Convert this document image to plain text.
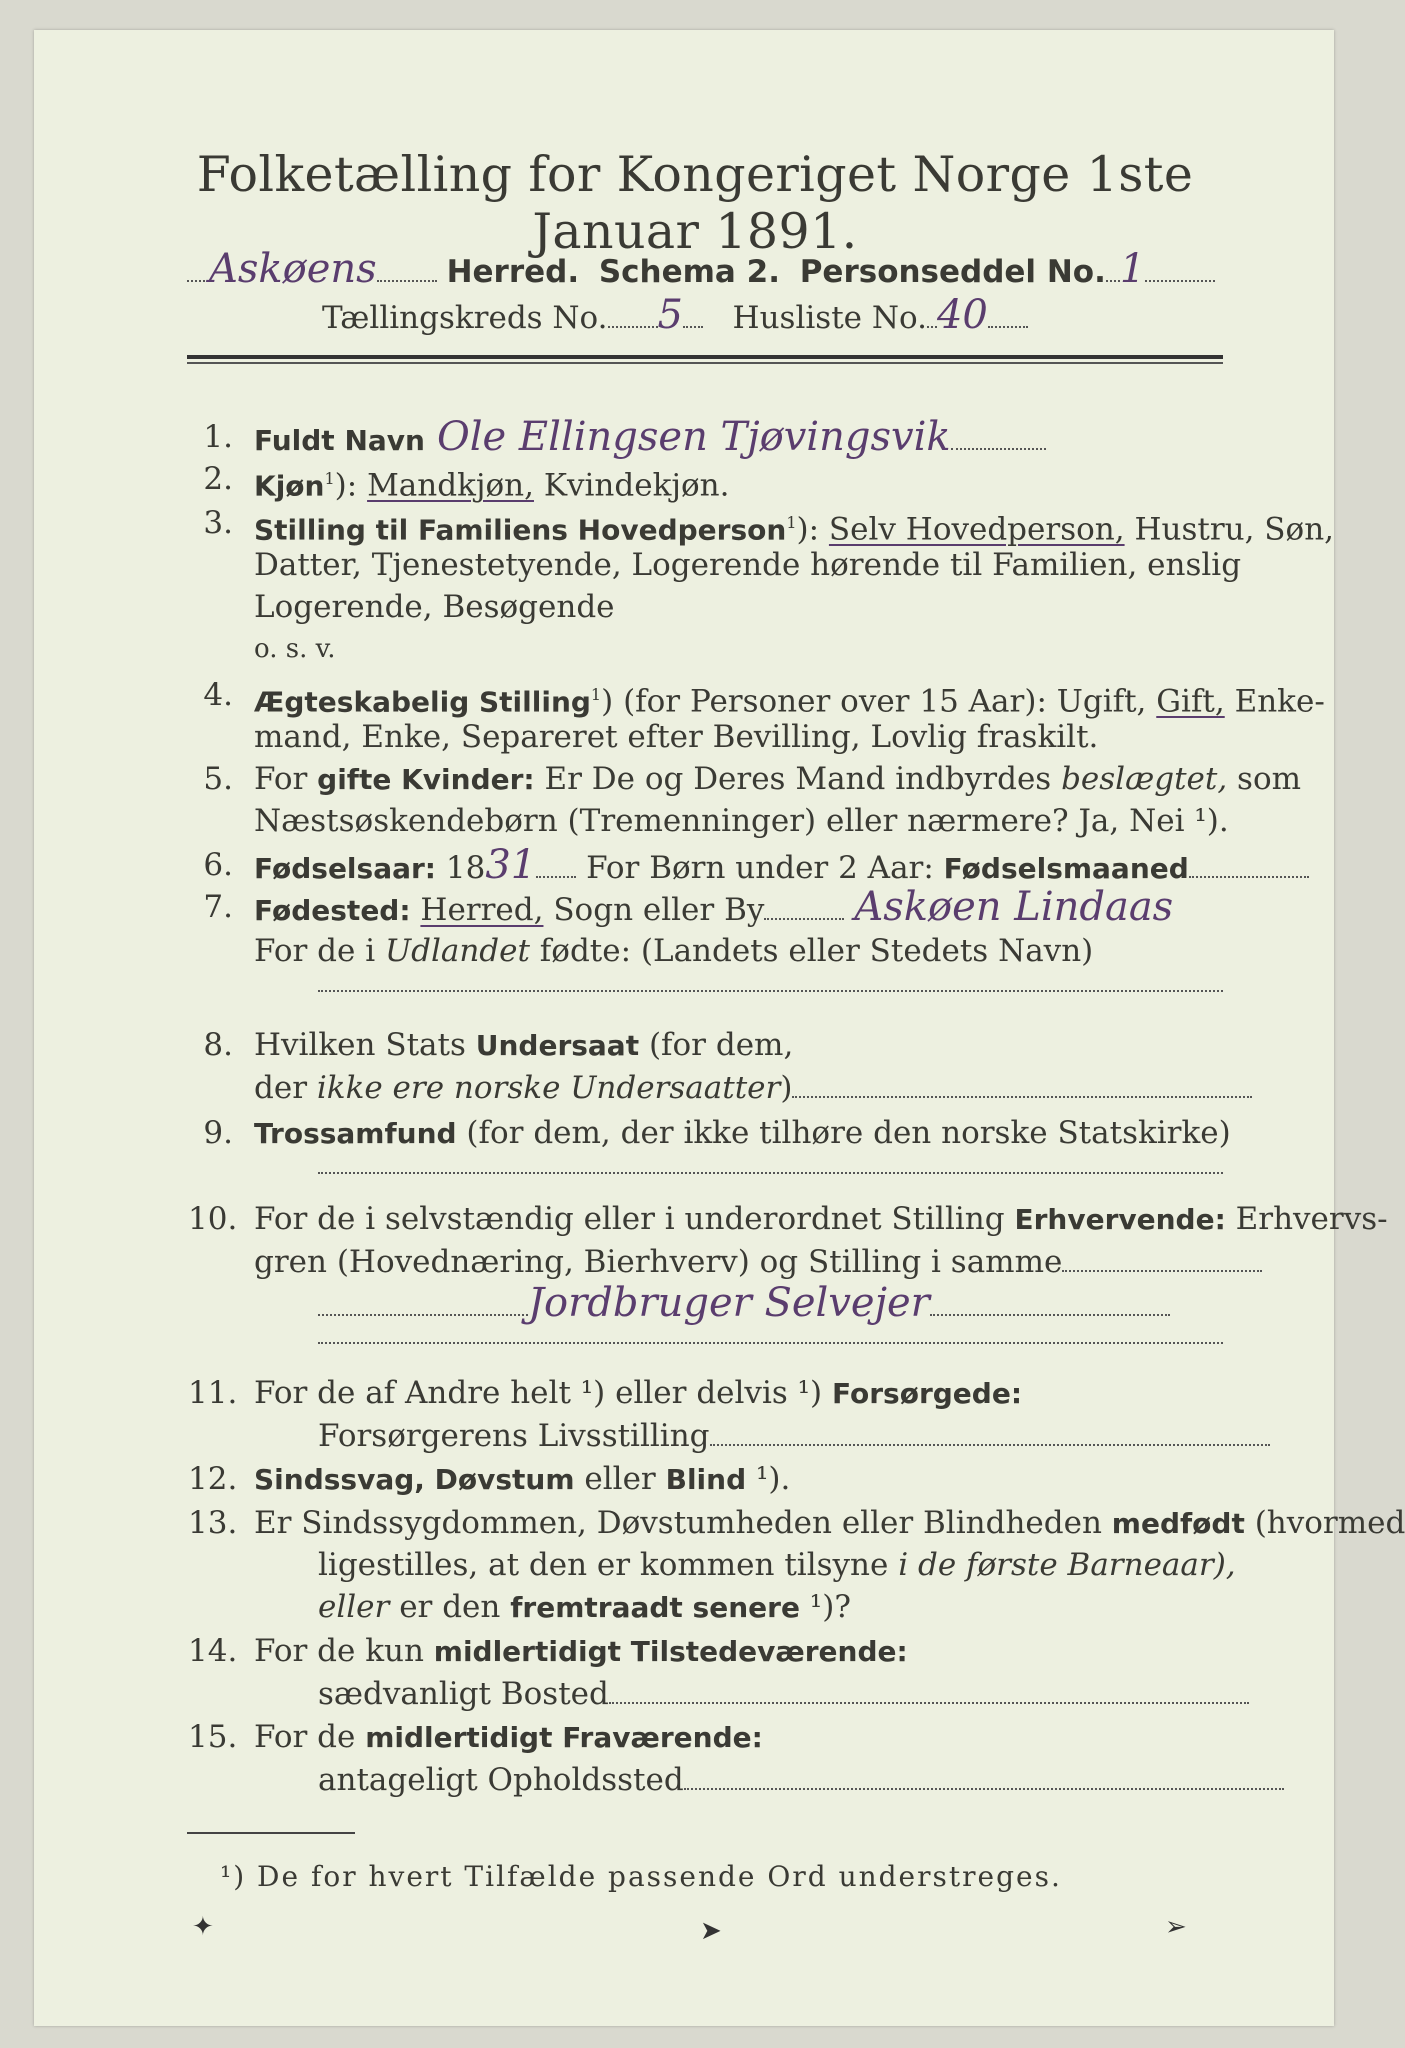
Folketælling for Kongeriget Norge 1ste Januar 1891.
Askøens Herred. Schema 2. Personseddel No. 1
Tællingskreds No. 5 Husliste No. 40
1. Fuldt Navn Ole Ellingsen Tjøvingsvik
2. Kjøn$^1$): Mandkjøn, Kvindekjøn.
3. Stilling til Familiens Hovedperson$^1$): Selv Hovedperson, Hustru, Søn,
Datter, Tjenestetyende, Logerende hørende til Familien, enslig
Logerende, Besøgende
o. s. v.
4. Ægteskabelig Stilling$^1$) (for Personer over 15 Aar): Ugift, Gift, Enke-
mand, Enke, Separeret efter Bevilling, Lovlig fraskilt.
5. For gifte Kvinder: Er De og Deres Mand indbyrdes beslægtet, som
Næstsøskendebørn (Tremenninger) eller nærmere? Ja, Nei ¹).
6. Fødselsaar: 1831 For Børn under 2 Aar: Fødselsmaaned
7. Fødested: Herred, Sogn eller By Askøen Lindaas
For de i Udlandet fødte: (Landets eller Stedets Navn)
8. Hvilken Stats Undersaat (for dem,
der ikke ere norske Undersaatter)
9. Trossamfund (for dem, der ikke tilhøre den norske Statskirke)
10. For de i selvstændig eller i underordnet Stilling Erhvervende: Erhvervs-
gren (Hovednæring, Bierhverv) og Stilling i samme
Jordbruger Selvejer
11. For de af Andre helt ¹) eller delvis ¹) Forsørgede:
Forsørgerens Livsstilling
12. Sindssvag, Døvstum eller Blind ¹).
13. Er Sindssygdommen, Døvstumheden eller Blindheden medfødt (hvormed
ligestilles, at den er kommen tilsyne i de første Barneaar),
eller er den fremtraadt senere ¹)?
14. For de kun midlertidigt Tilstedeværende:
sædvanligt Bosted
15. For de midlertidigt Fraværende:
antageligt Opholdssted
¹) De for hvert Tilfælde passende Ord understreges.
✦	➤	➢
